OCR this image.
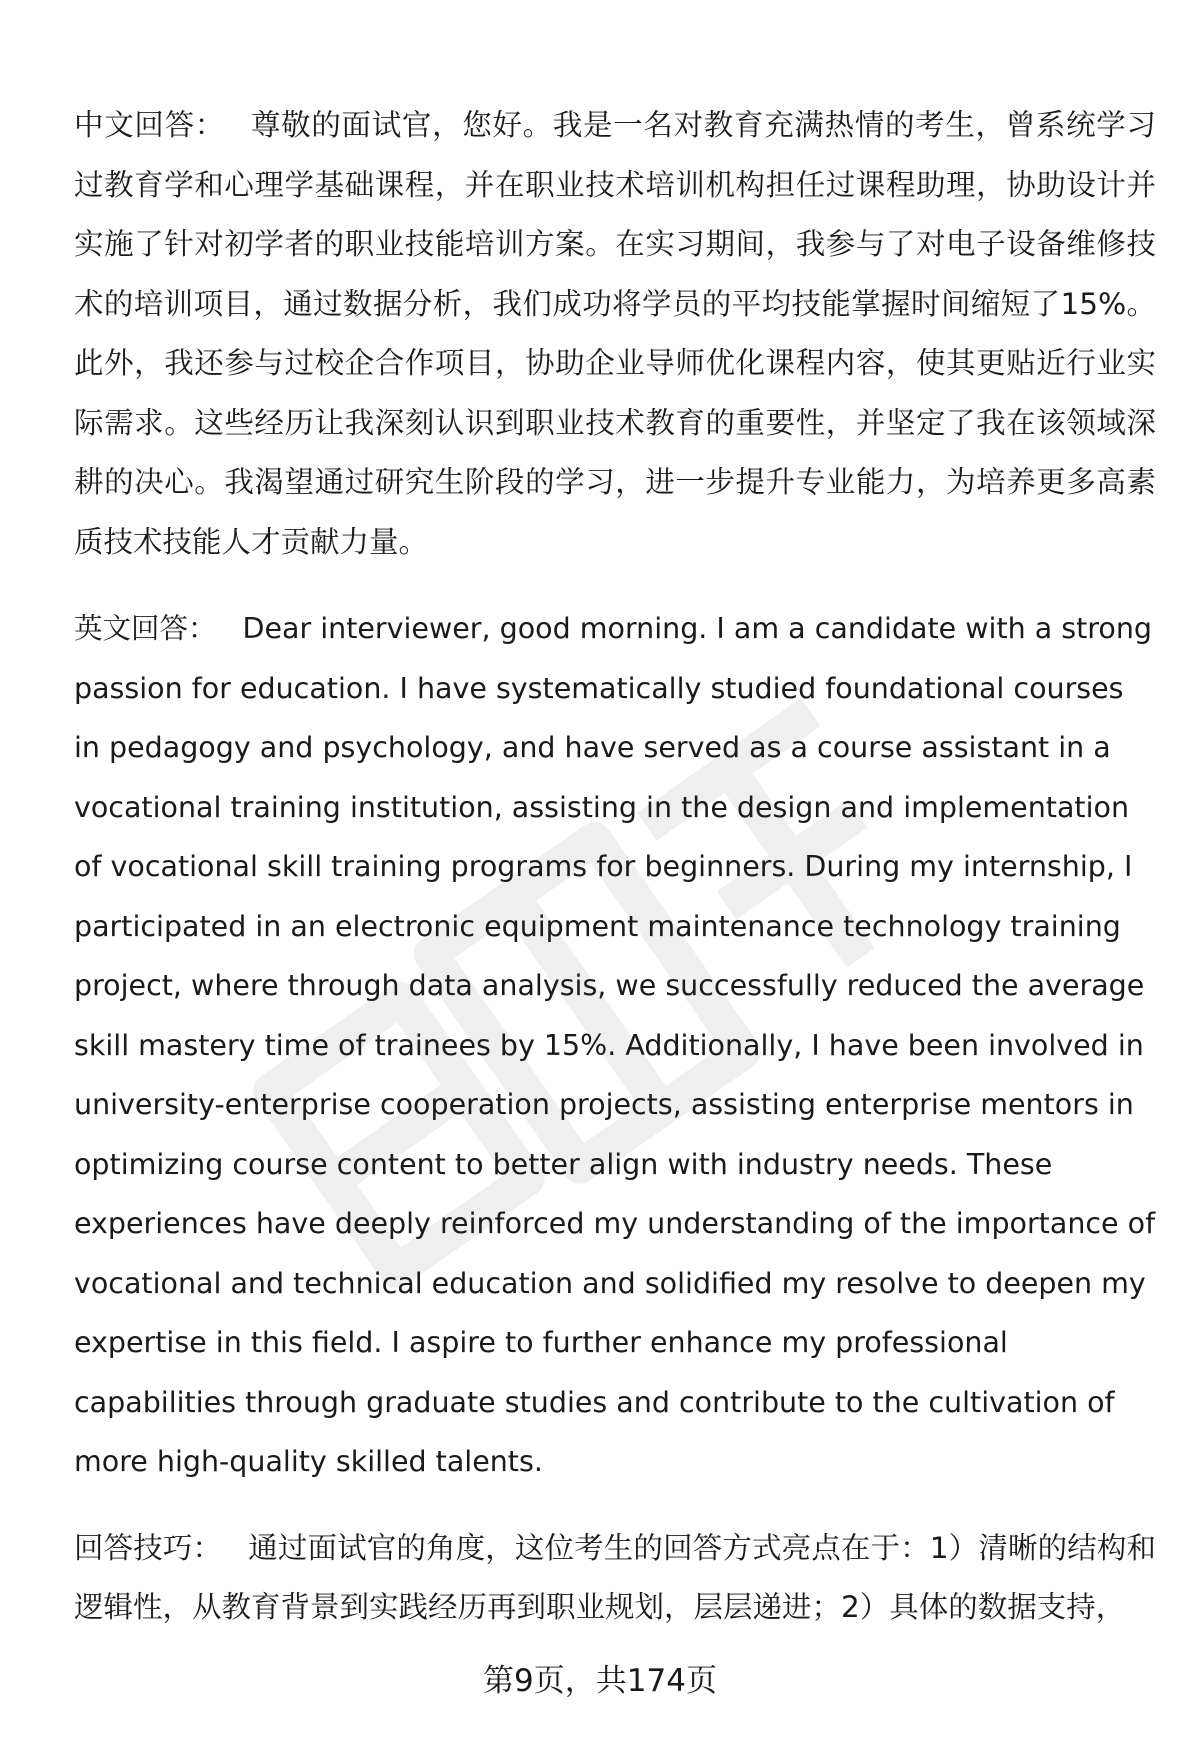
中文回答： 尊敬的面试官，您好。我是一名对教育充满热情的考生，曾系统学习过教育学和心理学基础课程，并在职业技术培训机构担任过课程助理，协助设计并实施了针对初学者的职业技能培训方案。在实习期间，我参与了对电子设备维修技术的培训项目，通过数据分析，我们成功将学员的平均技能掌握时间缩短了15%。此外，我还参与过校企合作项目，协助企业导师优化课程内容，使其更贴近行业实际需求。这些经历让我深刻认识到职业技术教育的重要性，并坚定了我在该领域深耕的决心。我渴望通过研究生阶段的学习，进一步提升专业能力，为培养更多高素质技术技能人才贡献力量。

英文回答： Dear interviewer, good morning. I am a candidate with a strong passion for education. I have systematically studied foundational courses in pedagogy and psychology, and have served as a course assistant in a vocational training institution, assisting in the design and implementation of vocational skill training programs for beginners. During my internship, I participated in an electronic equipment maintenance technology training project, where through data analysis, we successfully reduced the average skill mastery time of trainees by 15%. Additionally, I have been involved in university-enterprise cooperation projects, assisting enterprise mentors in optimizing course content to better align with industry needs. These experiences have deeply reinforced my understanding of the importance of vocational and technical education and solidified my resolve to deepen my expertise in this field. I aspire to further enhance my professional capabilities through graduate studies and contribute to the cultivation of more high-quality skilled talents.

回答技巧： 通过面试官的角度，这位考生的回答方式亮点在于：1）清晰的结构和逻辑性，从教育背景到实践经历再到职业规划，层层递进；2）具体的数据支持，

第9页，共174页
